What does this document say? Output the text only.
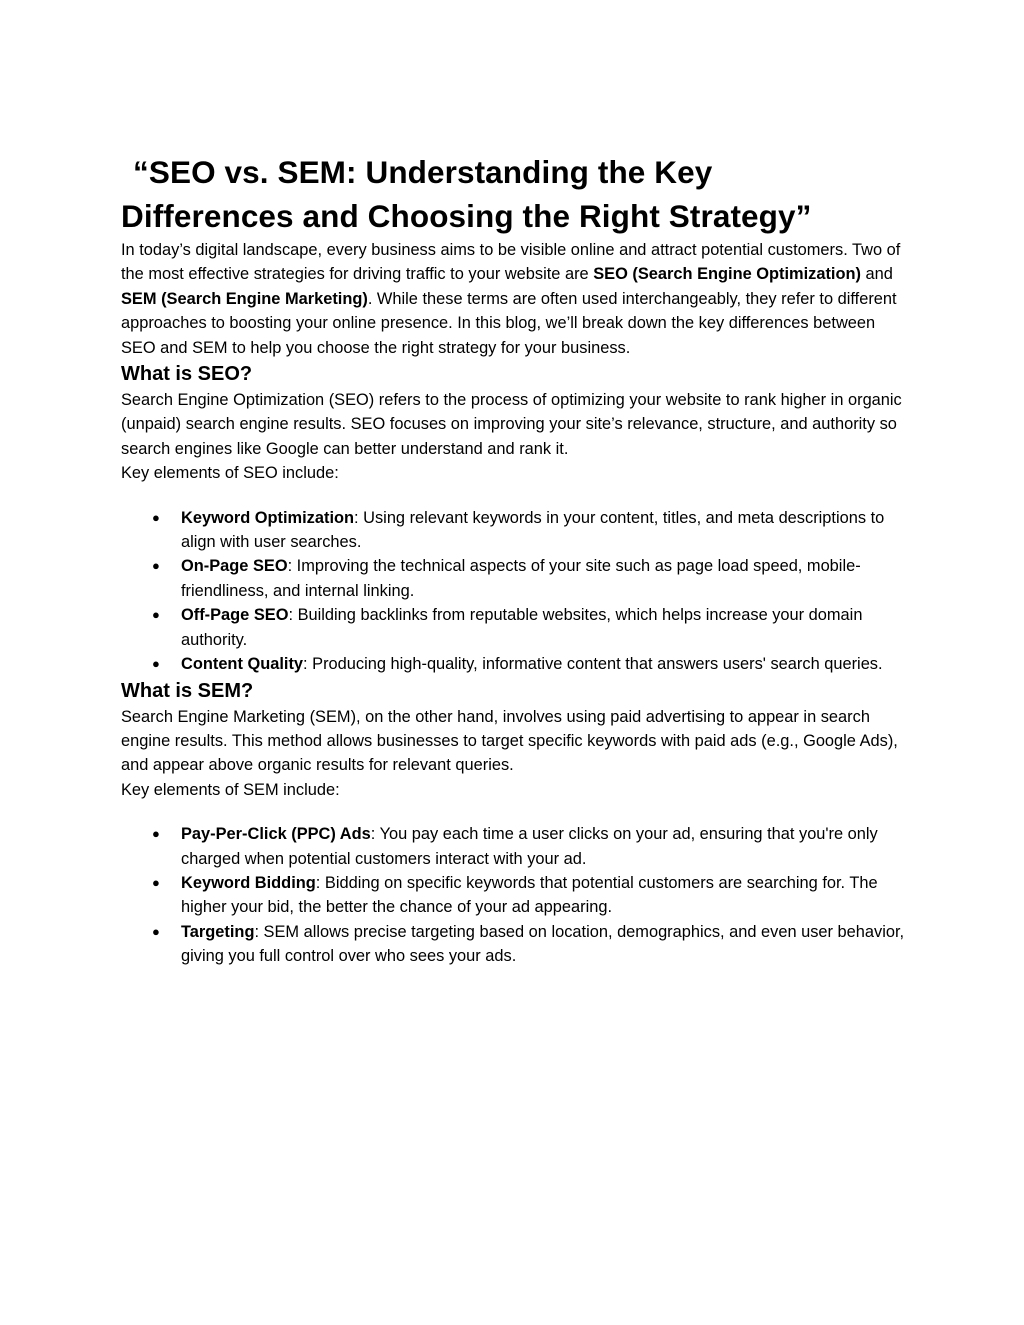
“SEO vs. SEM: Understanding the Key
Differences and Choosing the Right Strategy”

In today’s digital landscape, every business aims to be visible online and attract potential customers. Two of the most effective strategies for driving traffic to your website are SEO (Search Engine Optimization) and SEM (Search Engine Marketing). While these terms are often used interchangeably, they refer to different approaches to boosting your online presence. In this blog, we’ll break down the key differences between SEO and SEM to help you choose the right strategy for your business.

What is SEO?

Search Engine Optimization (SEO) refers to the process of optimizing your website to rank higher in organic (unpaid) search engine results. SEO focuses on improving your site’s relevance, structure, and authority so search engines like Google can better understand and rank it.

Key elements of SEO include:

● Keyword Optimization: Using relevant keywords in your content, titles, and meta descriptions to align with user searches.
● On-Page SEO: Improving the technical aspects of your site such as page load speed, mobile-friendliness, and internal linking.
● Off-Page SEO: Building backlinks from reputable websites, which helps increase your domain authority.
● Content Quality: Producing high-quality, informative content that answers users' search queries.
What is SEM?

Search Engine Marketing (SEM), on the other hand, involves using paid advertising to appear in search engine results. This method allows businesses to target specific keywords with paid ads (e.g., Google Ads), and appear above organic results for relevant queries.

Key elements of SEM include:

● Pay-Per-Click (PPC) Ads: You pay each time a user clicks on your ad, ensuring that you're only charged when potential customers interact with your ad.
● Keyword Bidding: Bidding on specific keywords that potential customers are searching for. The higher your bid, the better the chance of your ad appearing.
● Targeting: SEM allows precise targeting based on location, demographics, and even user behavior, giving you full control over who sees your ads.
